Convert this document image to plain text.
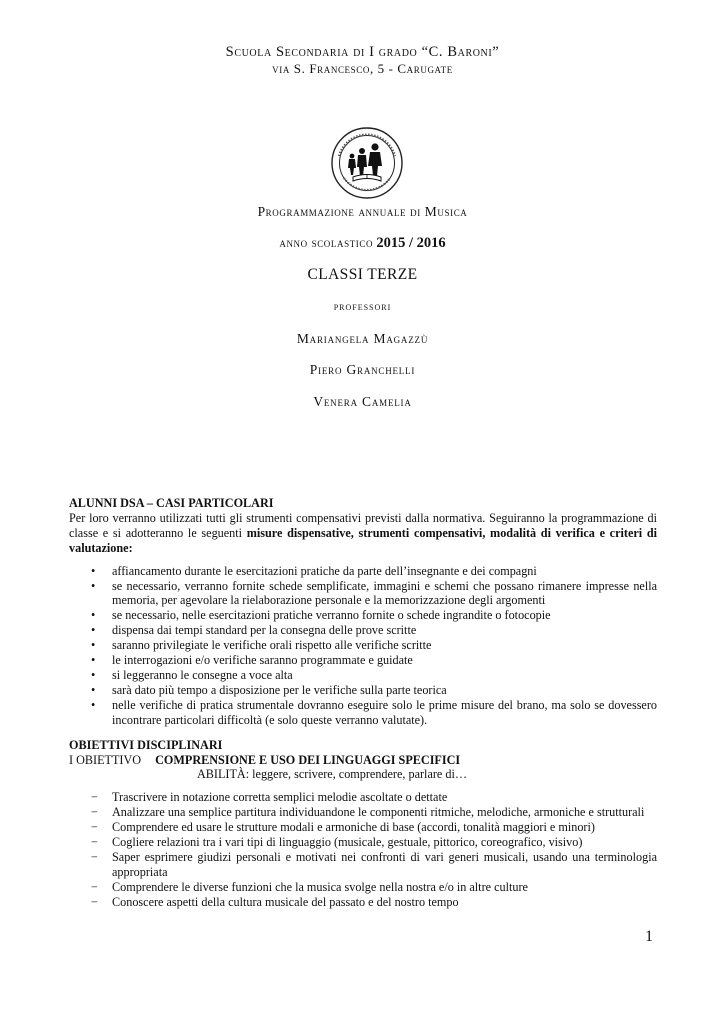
Scuola Secondaria di I grado “C. Baroni”
via S. Francesco, 5 - Carugate
Programmazione annuale di Musica
anno scolastico 2015 / 2016
CLASSI TERZE
professori
Mariangela Magazzù
Piero Granchelli
Venera Camelia
ALUNNI DSA – CASI PARTICOLARI

Per loro verranno utilizzati tutti gli strumenti compensativi previsti dalla normativa. Seguiranno la programmazione di classe e si adotteranno le seguenti misure dispensative, strumenti compensativi, modalità di verifica e criteri di valutazione:

• affiancamento durante le esercitazioni pratiche da parte dell’insegnante e dei compagni
• se necessario, verranno fornite schede semplificate, immagini e schemi che possano rimanere impresse nella memoria, per agevolare la rielaborazione personale e la memorizzazione degli argomenti
• se necessario, nelle esercitazioni pratiche verranno fornite o schede ingrandite o fotocopie
• dispensa dai tempi standard per la consegna delle prove scritte
• saranno privilegiate le verifiche orali rispetto alle verifiche scritte
• le interrogazioni e/o verifiche saranno programmate e guidate
• si leggeranno le consegne a voce alta
• sarà dato più tempo a disposizione per le verifiche sulla parte teorica
• nelle verifiche di pratica strumentale dovranno eseguire solo le prime misure del brano, ma solo se dovessero incontrare particolari difficoltà (e solo queste verranno valutate).
OBIETTIVI DISCIPLINARI

I OBIETTIVO COMPRENSIONE E USO DEI LINGUAGGI SPECIFICI

ABILITÀ: leggere, scrivere, comprendere, parlare di…

− Trascrivere in notazione corretta semplici melodie ascoltate o dettate
− Analizzare una semplice partitura individuandone le componenti ritmiche, melodiche, armoniche e strutturali
− Comprendere ed usare le strutture modali e armoniche di base (accordi, tonalità maggiori e minori)
− Cogliere relazioni tra i vari tipi di linguaggio (musicale, gestuale, pittorico, coreografico, visivo)
− Saper esprimere giudizi personali e motivati nei confronti di vari generi musicali, usando una terminologia appropriata
− Comprendere le diverse funzioni che la musica svolge nella nostra e/o in altre culture
− Conoscere aspetti della cultura musicale del passato e del nostro tempo
1
